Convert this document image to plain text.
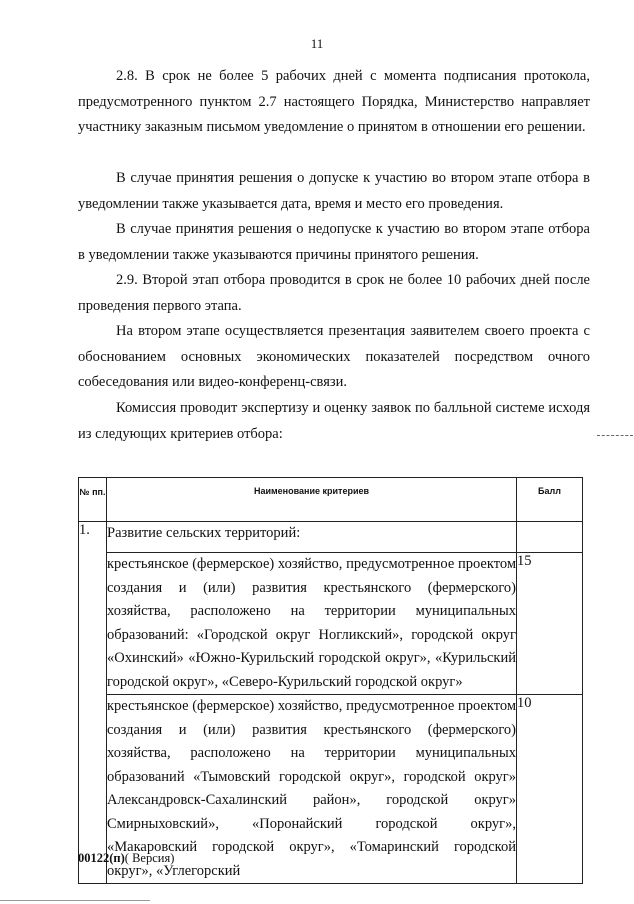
11

2.8. В срок не более 5 рабочих дней с момента подписания протокола, предусмотренного пунктом 2.7 настоящего Порядка, Министерство направляет участнику заказным письмом уведомление о принятом в отношении его решении.

В случае принятия решения о допуске к участию во втором этапе отбора в уведомлении также указывается дата, время и место его проведения.

В случае принятия решения о недопуске к участию во втором этапе отбора в уведомлении также указываются причины принятого решения.

2.9. Второй этап отбора проводится в срок не более 10 рабочих дней после проведения первого этапа.

На втором этапе осуществляется презентация заявителем своего проекта с обоснованием основных экономических показателей посредством очного собеседования или видео-конференц-связи.

Комиссия проводит экспертизу и оценку заявок по балльной системе исходя из следующих критериев отбора:

№ пп.	Наименование критериев	Балл
1.	Развитие сельских территорий:	
	крестьянское (фермерское) хозяйство, предусмотренное проектом создания и (или) развития крестьянского (фермерского) хозяйства, расположено на территории муниципальных образований: «Городской округ Ногликский», городской округ «Охинский» «Южно-Курильский городской округ», «Курильский городской округ», «Северо-Курильский городской округ»	15
	крестьянское (фермерское) хозяйство, предусмотренное проектом создания и (или) развития крестьянского (фермерского) хозяйства, расположено на территории муниципальных образований «Тымовский городской округ», городской округ» Александровск-Сахалинский район», городской округ» Смирныховский», «Поронайский городской округ», «Макаровский городской округ», «Томаринский городской округ», «Углегорский	10
00122(п)( Версия)
